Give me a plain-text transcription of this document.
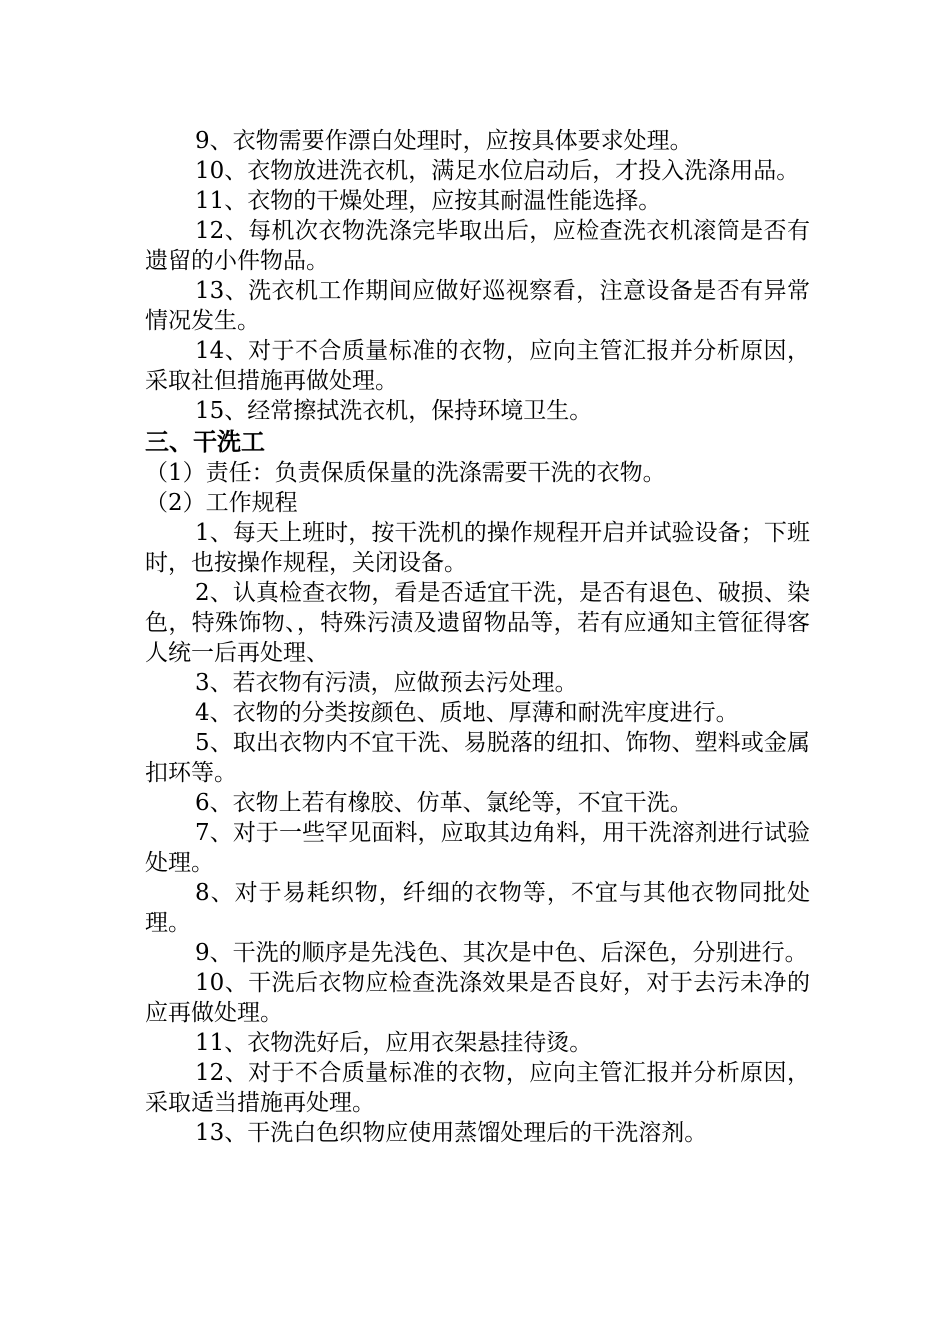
9、衣物需要作漂白处理时，应按具体要求处理。

10、衣物放进洗衣机，满足水位启动后，才投入洗涤用品。

11、衣物的干燥处理，应按其耐温性能选择。

12、每机次衣物洗涤完毕取出后，应检查洗衣机滚筒是否有遗留的小件物品。

13、洗衣机工作期间应做好巡视察看，注意设备是否有异常情况发生。

14、对于不合质量标准的衣物，应向主管汇报并分析原因，采取社但措施再做处理。

15、经常擦拭洗衣机，保持环境卫生。

三、干洗工

（1）责任：负责保质保量的洗涤需要干洗的衣物。

（2）工作规程

1、每天上班时，按干洗机的操作规程开启并试验设备；下班时，也按操作规程，关闭设备。

2、认真检查衣物，看是否适宜干洗，是否有退色、破损、染色，特殊饰物、，特殊污渍及遗留物品等，若有应通知主管征得客人统一后再处理、

3、若衣物有污渍，应做预去污处理。

4、衣物的分类按颜色、质地、厚薄和耐洗牢度进行。

5、取出衣物内不宜干洗、易脱落的纽扣、饰物、塑料或金属扣环等。

6、衣物上若有橡胶、仿革、氯纶等，不宜干洗。

7、对于一些罕见面料，应取其边角料，用干洗溶剂进行试验处理。

8、对于易耗织物，纤细的衣物等，不宜与其他衣物同批处理。

9、干洗的顺序是先浅色、其次是中色、后深色，分别进行。

10、干洗后衣物应检查洗涤效果是否良好，对于去污未净的应再做处理。

11、衣物洗好后，应用衣架悬挂待烫。

12、对于不合质量标准的衣物，应向主管汇报并分析原因，采取适当措施再处理。

13、干洗白色织物应使用蒸馏处理后的干洗溶剂。
